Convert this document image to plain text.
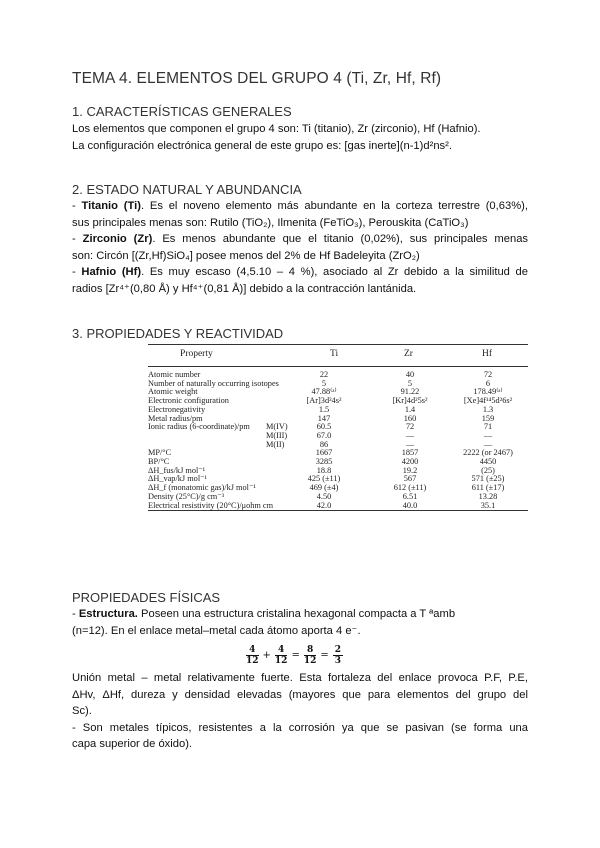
TEMA 4. ELEMENTOS DEL GRUPO 4 (Ti, Zr, Hf, Rf)
1. CARACTERÍSTICAS GENERALES
Los elementos que componen el grupo 4 son: Ti (titanio), Zr (zirconio), Hf (Hafnio).
La configuración electrónica general de este grupo es: [gas inerte](n-1)d²ns².
2. ESTADO NATURAL Y ABUNDANCIA
- Titanio (Ti). Es el noveno elemento más abundante en la corteza terrestre (0,63%),
sus principales menas son: Rutilo (TiO₂), Ilmenita (FeTiO₃), Perouskita (CaTiO₃)
- Zirconio (Zr). Es menos abundante que el titanio (0,02%), sus principales menas
son: Circón [(Zr,Hf)SiO₄] posee menos del 2% de Hf Badeleyita (ZrO₂)
- Hafnio (Hf). Es muy escaso (4,5.10 – 4 %), asociado al Zr debido a la similitud de
radios [Zr⁴⁺(0,80 Å) y Hf⁴⁺(0,81 Å)] debido a la contracción lantánida.
3. PROPIEDADES Y REACTIVIDAD
Property	Ti	Zr	Hf
Atomic number	22	40	72
Number of naturally occurring isotopes	5	5	6
Atomic weight	47.88⁽ᵃ⁾	91.22	178.49⁽ᵃ⁾
Electronic configuration	[Ar]3d²4s²	[Kr]4d²5s²	[Xe]4f¹⁴5d²6s²
Electronegativity	1.5	1.4	1.3
Metal radius/pm	147	160	159
Ionic radius (6-coordinate)/pm M(IV)	60.5	72	71
M(III)	67.0	—	—
M(II)	86	—	—
MP/°C	1667	1857	2222 (or 2467)
BP/°C	3285	4200	4450
ΔH_fus/kJ mol⁻¹	18.8	19.2	(25)
ΔH_vap/kJ mol⁻¹	425 (±11)	567	571 (±25)
ΔH_f (monatomic gas)/kJ mol⁻¹	469 (±4)	612 (±11)	611 (±17)
Density (25°C)/g cm⁻³	4.50	6.51	13.28
Electrical resistivity (20°C)/μohm cm	42.0	40.0	35.1
PROPIEDADES FÍSICAS
- Estructura. Poseen una estructura cristalina hexagonal compacta a T ªamb
(n=12). En el enlace metal–metal cada átomo aporta 4 e⁻.
$\frac{4}{12} + \frac{4}{12} = \frac{8}{12} = \frac{2}{3}$
Unión metal – metal relativamente fuerte. Esta fortaleza del enlace provoca P.F, P.E,
ΔHv, ΔHf, dureza y densidad elevadas (mayores que para elementos del grupo del
Sc).
- Son metales típicos, resistentes a la corrosión ya que se pasivan (se forma una
capa superior de óxido).
